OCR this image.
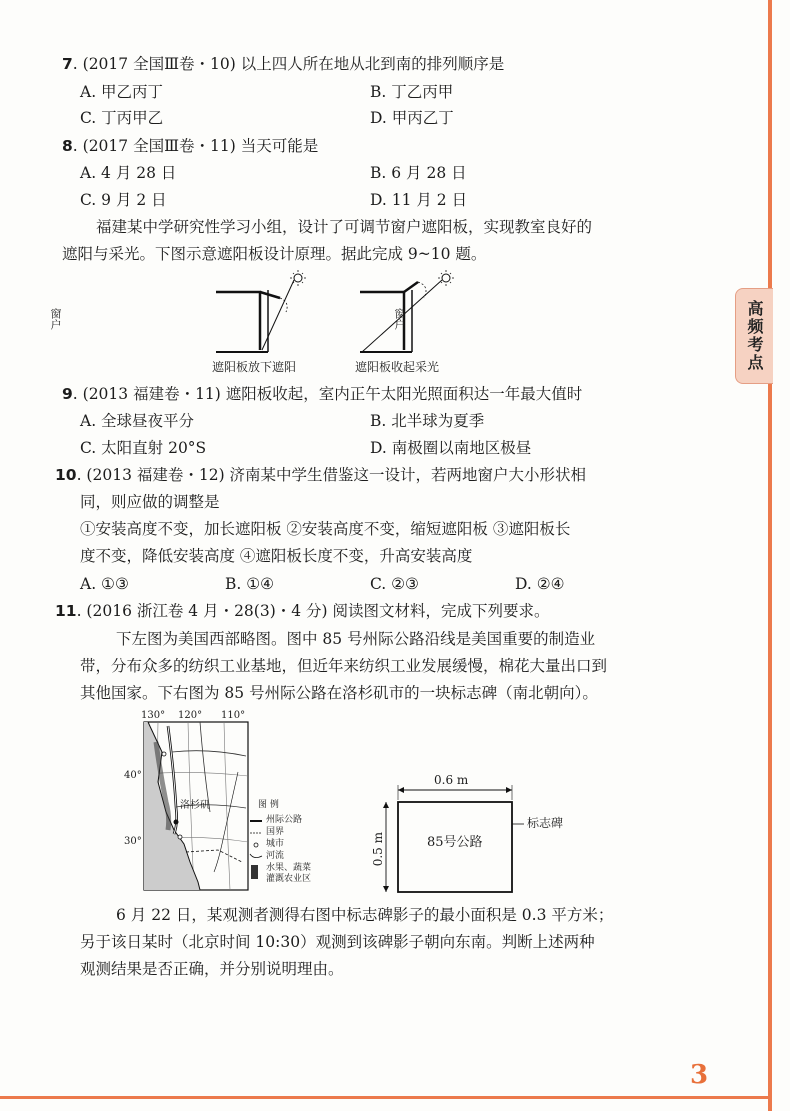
高频考点
7. (2017 全国Ⅲ卷・10) 以上四人所在地从北到南的排列顺序是
A. 甲乙丙丁	B. 丁乙丙甲
C. 丁丙甲乙	D. 甲丙乙丁
8. (2017 全国Ⅲ卷・11) 当天可能是
A. 4 月 28 日	B. 6 月 28 日
C. 9 月 2 日	D. 11 月 2 日
福建某中学研究性学习小组，设计了可调节窗户遮阳板，实现教室良好的
遮阳与采光。下图示意遮阳板设计原理。据此完成 9~10 题。
窗户	窗户
遮阳板放下遮阳	遮阳板收起采光
9. (2013 福建卷・11) 遮阳板收起，室内正午太阳光照面积达一年最大值时
A. 全球昼夜平分	B. 北半球为夏季
C. 太阳直射 20°S	D. 南极圈以南地区极昼
10. (2013 福建卷・12) 济南某中学生借鉴这一设计，若两地窗户大小形状相
同，则应做的调整是
①安装高度不变，加长遮阳板 ②安装高度不变，缩短遮阳板 ③遮阳板长
度不变，降低安装高度 ④遮阳板长度不变，升高安装高度
A. ①③	B. ①④	C. ②③	D. ②④
11. (2016 浙江卷 4 月・28(3)・4 分) 阅读图文材料，完成下列要求。
下左图为美国西部略图。图中 85 号州际公路沿线是美国重要的制造业
带，分布众多的纺织工业基地，但近年来纺织工业发展缓慢，棉花大量出口到
其他国家。下右图为 85 号州际公路在洛杉矶市的一块标志碑（南北朝向）。
130° 120° 110°
40°
30°
洛杉矶	图 例
州际公路
国界
城市
河流
水果、蔬菜
灌溉农业区
0.6 m
0.5 m	85号公路
标志碑
6 月 22 日，某观测者测得右图中标志碑影子的最小面积是 0.3 平方米；
另于该日某时（北京时间 10:30）观测到该碑影子朝向东南。判断上述两种
观测结果是否正确，并分别说明理由。
3
